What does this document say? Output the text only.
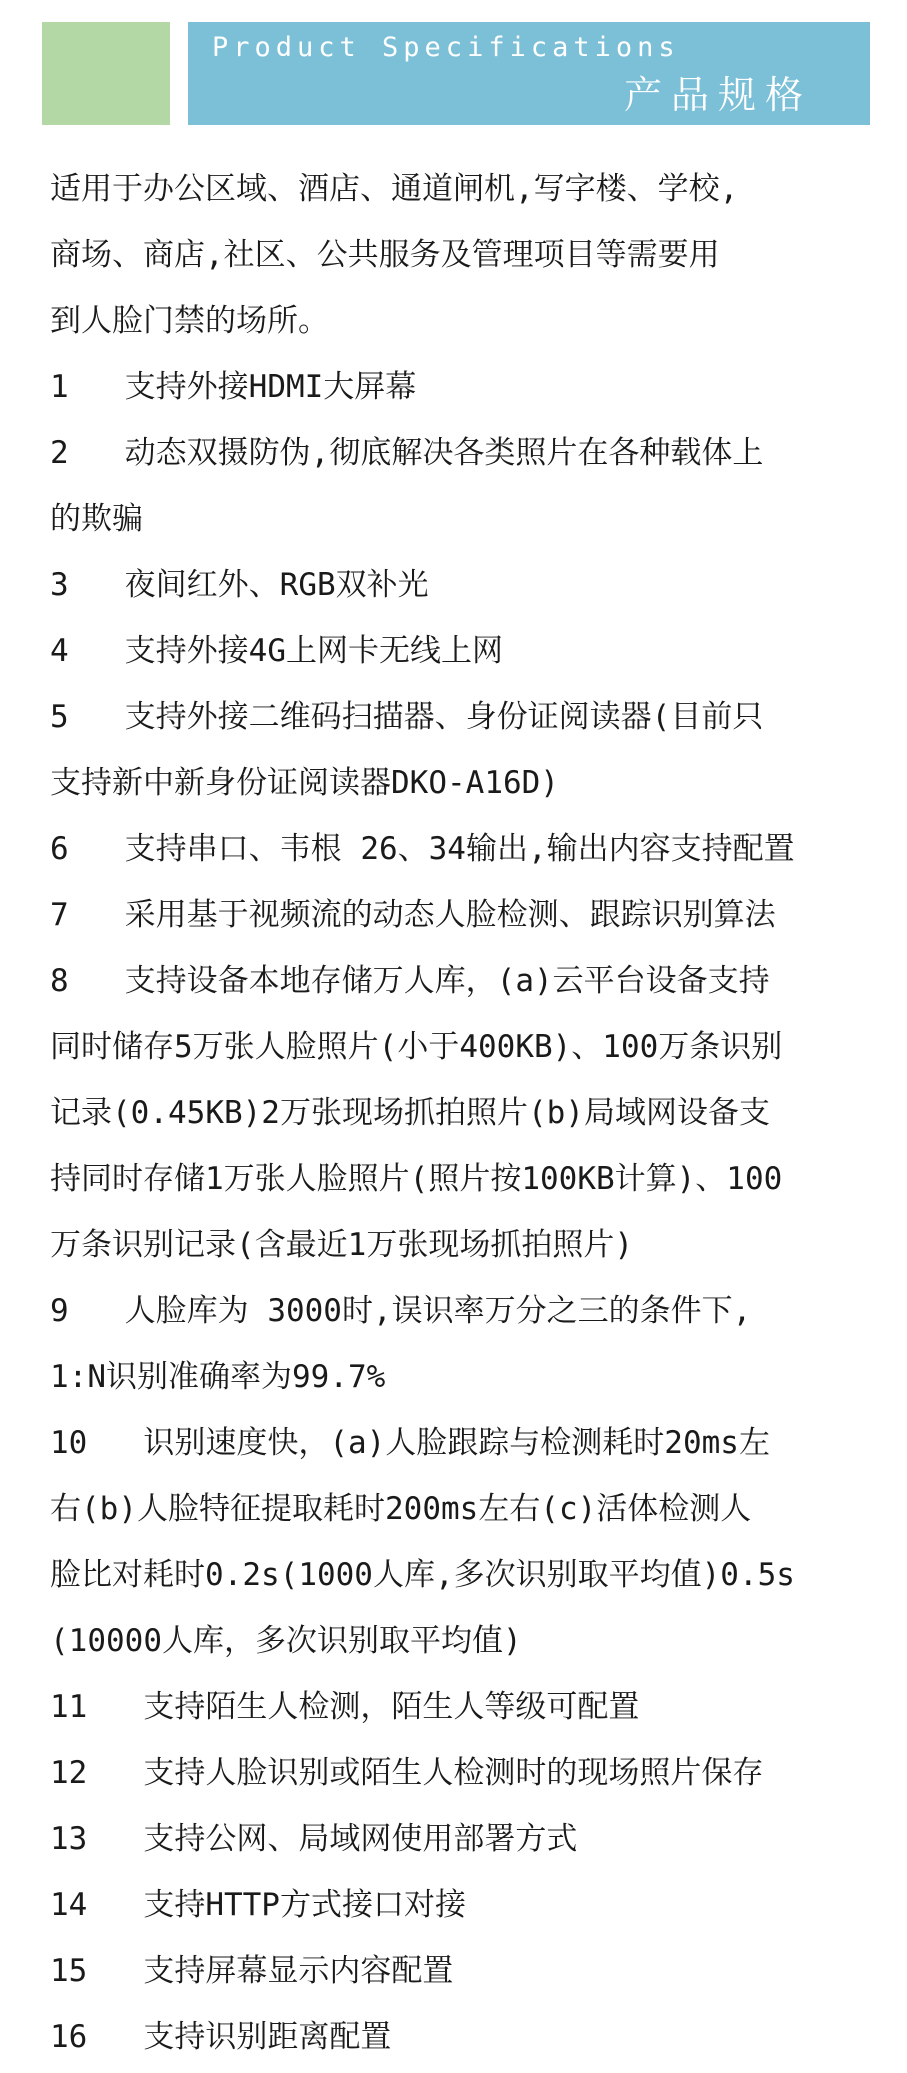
Product Specifications
产品规格
适用于办公区域、酒店、通道闸机,写字楼、学校,
商场、商店,社区、公共服务及管理项目等需要用
到人脸门禁的场所。
1   支持外接HDMI大屏幕
2   动态双摄防伪,彻底解决各类照片在各种载体上
的欺骗
3   夜间红外、RGB双补光
4   支持外接4G上网卡无线上网
5   支持外接二维码扫描器、身份证阅读器(目前只
支持新中新身份证阅读器DKO-A16D)
6   支持串口、韦根 26、34输出,输出内容支持配置
7   采用基于视频流的动态人脸检测、跟踪识别算法
8   支持设备本地存储万人库，(a)云平台设备支持
同时储存5万张人脸照片(小于400KB)、100万条识别
记录(0.45KB)2万张现场抓拍照片(b)局域网设备支
持同时存储1万张人脸照片(照片按100KB计算)、100
万条识别记录(含最近1万张现场抓拍照片)
9   人脸库为 3000时,误识率万分之三的条件下,
1:N识别准确率为99.7%
10   识别速度快，(a)人脸跟踪与检测耗时20ms左
右(b)人脸特征提取耗时200ms左右(c)活体检测人
脸比对耗时0.2s(1000人库,多次识别取平均值)0.5s
(10000人库，多次识别取平均值)
11   支持陌生人检测，陌生人等级可配置
12   支持人脸识别或陌生人检测时的现场照片保存
13   支持公网、局域网使用部署方式
14   支持HTTP方式接口对接
15   支持屏幕显示内容配置
16   支持识别距离配置
